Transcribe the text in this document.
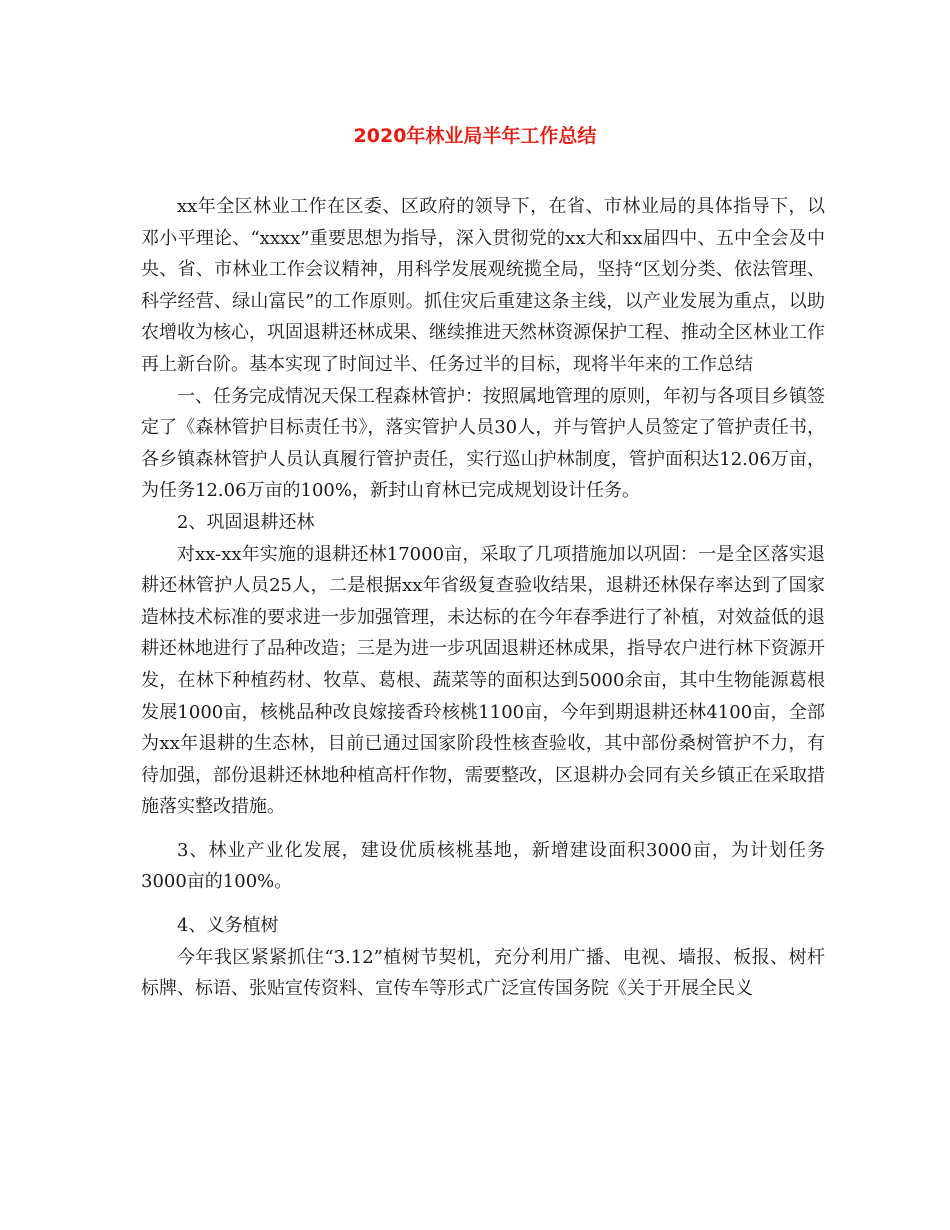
2020年林业局半年工作总结

xx年全区林业工作在区委、区政府的领导下，在省、市林业局的具体指导下，以邓小平理论、“xxxx”重要思想为指导，深入贯彻党的xx大和xx届四中、五中全会及中央、省、市林业工作会议精神，用科学发展观统揽全局，坚持“区划分类、依法管理、科学经营、绿山富民”的工作原则。抓住灾后重建这条主线，以产业发展为重点，以助农增收为核心，巩固退耕还林成果、继续推进天然林资源保护工程、推动全区林业工作再上新台阶。基本实现了时间过半、任务过半的目标，现将半年来的工作总结

一、任务完成情况天保工程森林管护：按照属地管理的原则，年初与各项目乡镇签定了《森林管护目标责任书》，落实管护人员30人，并与管护人员签定了管护责任书，各乡镇森林管护人员认真履行管护责任，实行巡山护林制度，管护面积达12.06万亩，为任务12.06万亩的100%，新封山育林已完成规划设计任务。

2、巩固退耕还林

对xx-xx年实施的退耕还林17000亩，采取了几项措施加以巩固：一是全区落实退耕还林管护人员25人，二是根据xx年省级复查验收结果，退耕还林保存率达到了国家造林技术标准的要求进一步加强管理，未达标的在今年春季进行了补植，对效益低的退耕还林地进行了品种改造；三是为进一步巩固退耕还林成果，指导农户进行林下资源开发，在林下种植药材、牧草、葛根、蔬菜等的面积达到5000余亩，其中生物能源葛根发展1000亩，核桃品种改良嫁接香玲核桃1100亩，今年到期退耕还林4100亩，全部为xx年退耕的生态林，目前已通过国家阶段性核查验收，其中部份桑树管护不力，有待加强，部份退耕还林地种植高杆作物，需要整改，区退耕办会同有关乡镇正在采取措施落实整改措施。

3、林业产业化发展，建设优质核桃基地，新增建设面积3000亩，为计划任务3000亩的100%。

4、义务植树

今年我区紧紧抓住“3.12”植树节契机，充分利用广播、电视、墙报、板报、树杆标牌、标语、张贴宣传资料、宣传车等形式广泛宣传国务院《关于开展全民义
